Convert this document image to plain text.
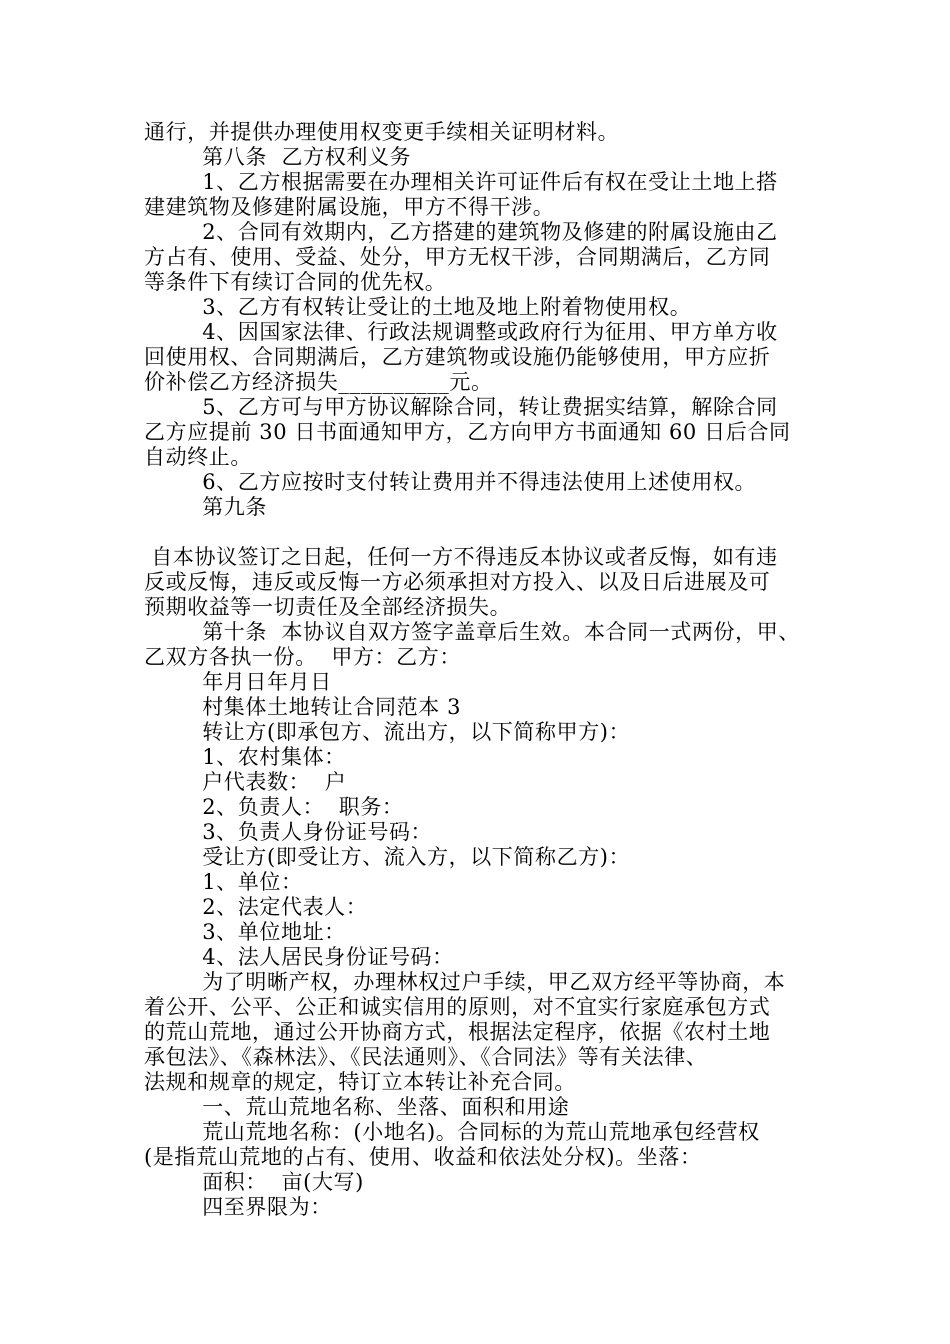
通行，并提供办理使用权变更手续相关证明材料。
第八条  乙方权利义务
1、乙方根据需要在办理相关许可证件后有权在受让土地上搭
建建筑物及修建附属设施，甲方不得干涉。
2、合同有效期内，乙方搭建的建筑物及修建的附属设施由乙
方占有、使用、受益、处分，甲方无权干涉，合同期满后，乙方同
等条件下有续订合同的优先权。
3、乙方有权转让受让的土地及地上附着物使用权。
4、因国家法律、行政法规调整或政府行为征用、甲方单方收
回使用权、合同期满后，乙方建筑物或设施仍能够使用，甲方应折
价补偿乙方经济损失__________元。
5、乙方可与甲方协议解除合同，转让费据实结算，解除合同
乙方应提前 30 日书面通知甲方，乙方向甲方书面通知 60 日后合同
自动终止。
6、乙方应按时支付转让费用并不得违法使用上述使用权。
第九条
自本协议签订之日起，任何一方不得违反本协议或者反悔，如有违
反或反悔，违反或反悔一方必须承担对方投入、以及日后进展及可
预期收益等一切责任及全部经济损失。
第十条  本协议自双方签字盖章后生效。本合同一式两份，甲、
乙双方各执一份。  甲方：乙方：
年月日年月日
村集体土地转让合同范本 3
转让方(即承包方、流出方，以下简称甲方)：
1、农村集体：
户代表数：  户
2、负责人：  职务：
3、负责人身份证号码：
受让方(即受让方、流入方，以下简称乙方)：
1、单位：
2、法定代表人：
3、单位地址：
4、法人居民身份证号码：
为了明晰产权，办理林权过户手续，甲乙双方经平等协商，本
着公开、公平、公正和诚实信用的原则，对不宜实行家庭承包方式
的荒山荒地，通过公开协商方式，根据法定程序，依据《农村土地
承包法》、《森林法》、《民法通则》、《合同法》等有关法律、
法规和规章的规定，特订立本转让补充合同。
一、荒山荒地名称、坐落、面积和用途
荒山荒地名称：(小地名)。合同标的为荒山荒地承包经营权
(是指荒山荒地的占有、使用、收益和依法处分权)。坐落：
面积：  亩(大写)
四至界限为：
